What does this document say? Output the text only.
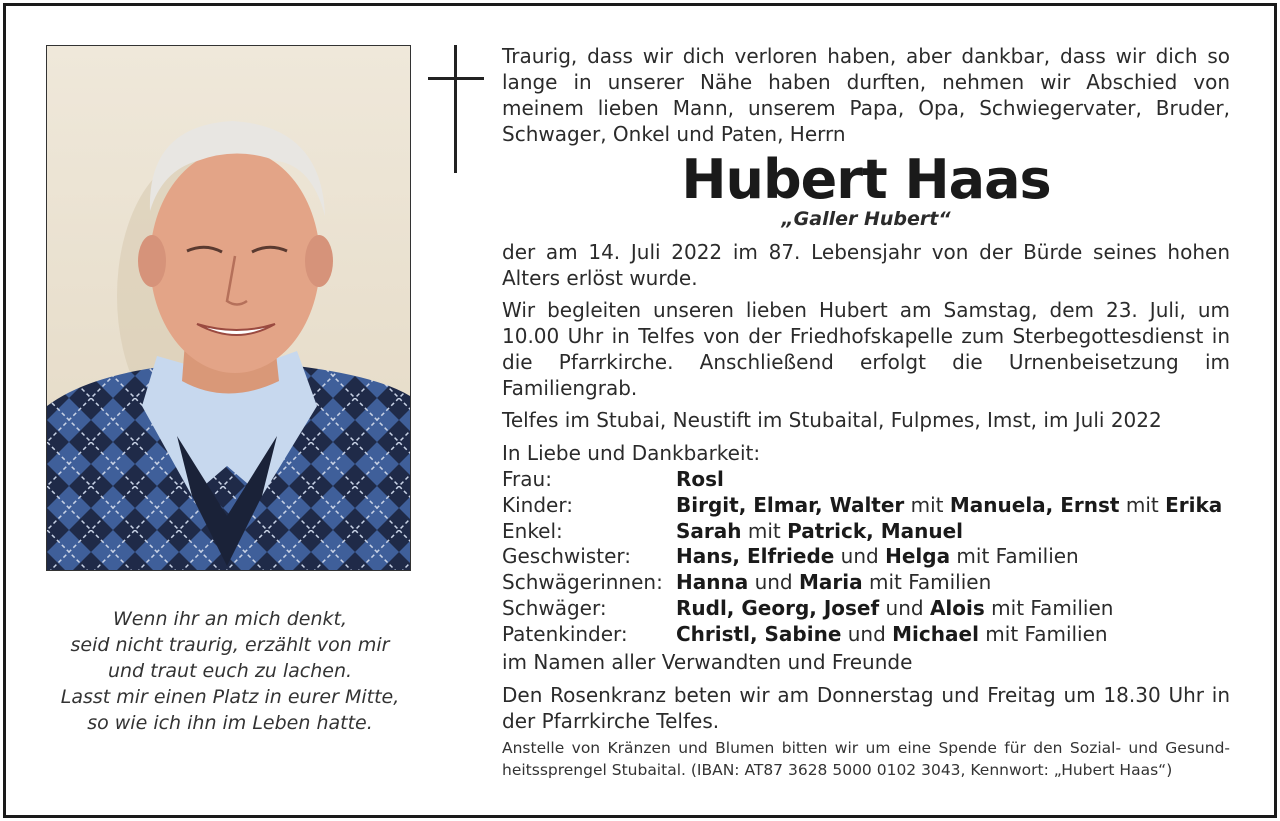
Wenn ihr an mich denkt,
seid nicht traurig, erzählt von mir
und traut euch zu lachen.
Lasst mir einen Platz in eurer Mitte,
so wie ich ihn im Leben hatte.
Traurig, dass wir dich verloren haben, aber dankbar, dass wir dich so lange in unserer Nähe haben durften, nehmen wir Abschied von meinem lieben Mann, unserem Papa, Opa, Schwiegervater, Bruder, Schwager, Onkel und Paten, Herrn
Hubert Haas
„Galler Hubert“
der am 14. Juli 2022 im 87. Lebensjahr von der Bürde seines hohen Alters erlöst wurde.
Wir begleiten unseren lieben Hubert am Samstag, dem 23. Juli, um 10.00 Uhr in Telfes von der Friedhofskapelle zum Sterbegottesdienst in die Pfarrkirche. Anschließend erfolgt die Urnenbeisetzung im Familiengrab.
Telfes im Stubai, Neustift im Stubaital, Fulpmes, Imst, im Juli 2022
In Liebe und Dankbarkeit:
Frau:	Rosl
Kinder:	Birgit, Elmar, Walter mit Manuela, Ernst mit Erika
Enkel:	Sarah mit Patrick, Manuel
Geschwister:	Hans, Elfriede und Helga mit Familien
Schwägerinnen: Hanna und Maria mit Familien
Schwäger:	Rudl, Georg, Josef und Alois mit Familien
Patenkinder:	Christl, Sabine und Michael mit Familien
im Namen aller Verwandten und Freunde
Den Rosenkranz beten wir am Donnerstag und Freitag um 18.30 Uhr in der Pfarrkirche Telfes.
Anstelle von Kränzen und Blumen bitten wir um eine Spende für den Sozial- und Gesund-heitssprengel Stubaital. (IBAN: AT87 3628 5000 0102 3043, Kennwort: „Hubert Haas“)
